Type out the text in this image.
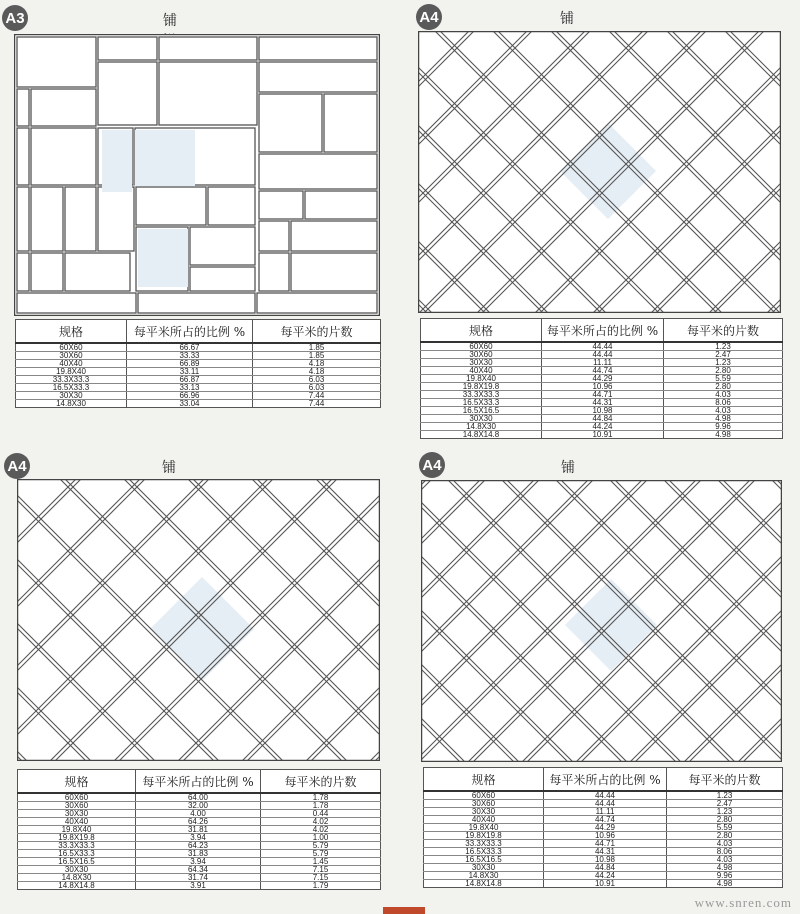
A3	铺
规格	每平米所占的比例 %	每平米的片数
60X60	66.67	1.85
30X60	33.33	1.85
40X40	66.89	4.18
19.8X40	33.11	4.18
33.3X33.3	66.87	6.03
16.5X33.3	33.13	6.03
30X30	66.96	7.44
14.8X30	33.04	7.44
A4	铺
规格	每平米所占的比例 %	每平米的片数
60X60	44.44	1.23
30X60	44.44	2.47
30X30	11.11	1.23
40X40	44.74	2.80
19.8X40	44.29	5.59
19.8X19.8	10.96	2.80
33.3X33.3	44.71	4.03
16.5X33.3	44.31	8.06
16.5X16.5	10.98	4.03
30X30	44.84	4.98
14.8X30	44.24	9.96
14.8X14.8	10.91	4.98
A4	铺
规格	每平米所占的比例 %	每平米的片数
60X60	64.00	1.78
30X60	32.00	1.78
30X30	4.00	0.44
40X40	64.26	4.02
19.8X40	31.81	4.02
19.8X19.8	3.94	1.00
33.3X33.3	64.23	5.79
16.5X33.3	31.83	5.79
16.5X16.5	3.94	1.45
30X30	64.34	7.15
14.8X30	31.74	7.15
14.8X14.8	3.91	1.79
A4	铺
规格	每平米所占的比例 %	每平米的片数
60X60	44.44	1.23
30X60	44.44	2.47
30X30	11.11	1.23
40X40	44.74	2.80
19.8X40	44.29	5.59
19.8X19.8	10.96	2.80
33.3X33.3	44.71	4.03
16.5X33.3	44.31	8.06
16.5X16.5	10.98	4.03
30X30	44.84	4.98
14.8X30	44.24	9.96
14.8X14.8	10.91	4.98
www.snren.com
